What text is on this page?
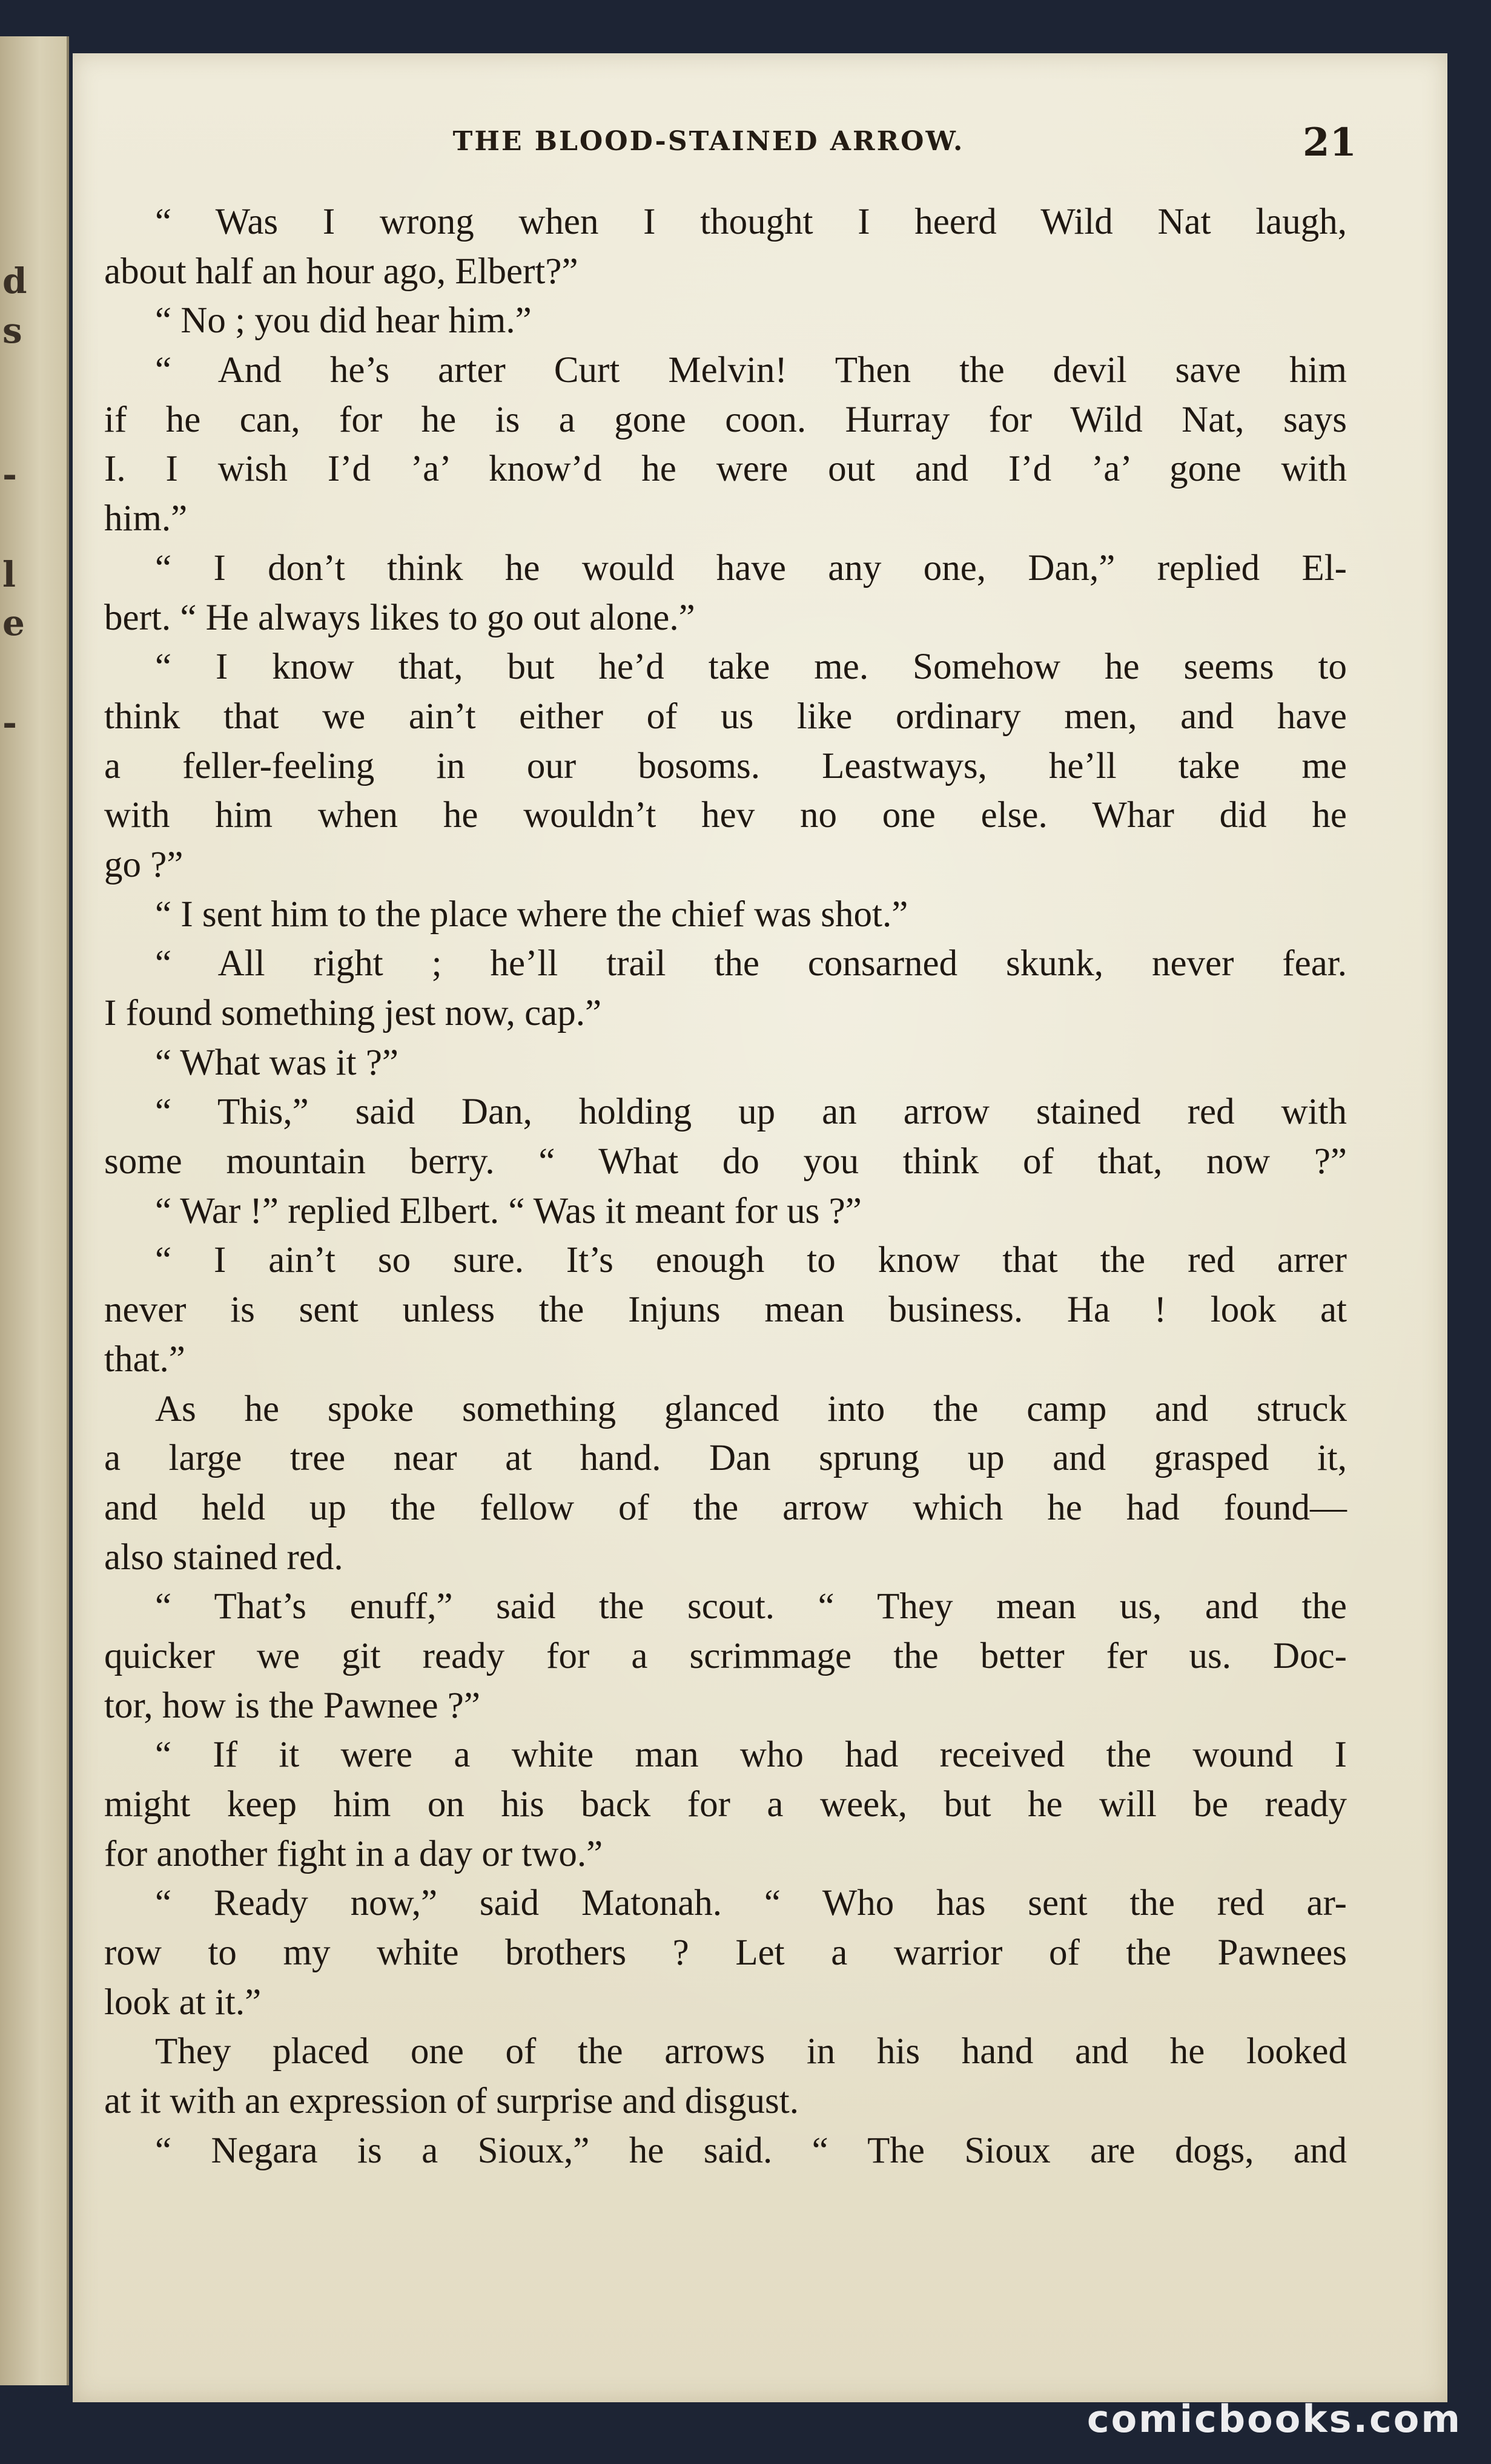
d
s
-
l
e
-
THE BLOOD-STAINED ARROW.	21
“ Was I wrong when I thought I heerd Wild Nat laugh,
about half an hour ago, Elbert?”
“ No ; you did hear him.”
“ And he’s arter Curt Melvin! Then the devil save him
if he can, for he is a gone coon. Hurray for Wild Nat, says
I. I wish I’d ’a’ know’d he were out and I’d ’a’ gone with
him.”
“ I don’t think he would have any one, Dan,” replied El-
bert. “ He always likes to go out alone.”
“ I know that, but he’d take me. Somehow he seems to
think that we ain’t either of us like ordinary men, and have
a feller-feeling in our bosoms. Leastways, he’ll take me
with him when he wouldn’t hev no one else. Whar did he
go ?”
“ I sent him to the place where the chief was shot.”
“ All right ; he’ll trail the consarned skunk, never fear.
I found something jest now, cap.”
“ What was it ?”
“ This,” said Dan, holding up an arrow stained red with
some mountain berry. “ What do you think of that, now ?”
“ War !” replied Elbert. “ Was it meant for us ?”
“ I ain’t so sure. It’s enough to know that the red arrer
never is sent unless the Injuns mean business. Ha ! look at
that.”
As he spoke something glanced into the camp and struck
a large tree near at hand. Dan sprung up and grasped it,
and held up the fellow of the arrow which he had found—
also stained red.
“ That’s enuff,” said the scout. “ They mean us, and the
quicker we git ready for a scrimmage the better fer us. Doc-
tor, how is the Pawnee ?”
“ If it were a white man who had received the wound I
might keep him on his back for a week, but he will be ready
for another fight in a day or two.”
“ Ready now,” said Matonah. “ Who has sent the red ar-
row to my white brothers ? Let a warrior of the Pawnees
look at it.”
They placed one of the arrows in his hand and he looked
at it with an expression of surprise and disgust.
“ Negara is a Sioux,” he said. “ The Sioux are dogs, and
comicbooks.com
